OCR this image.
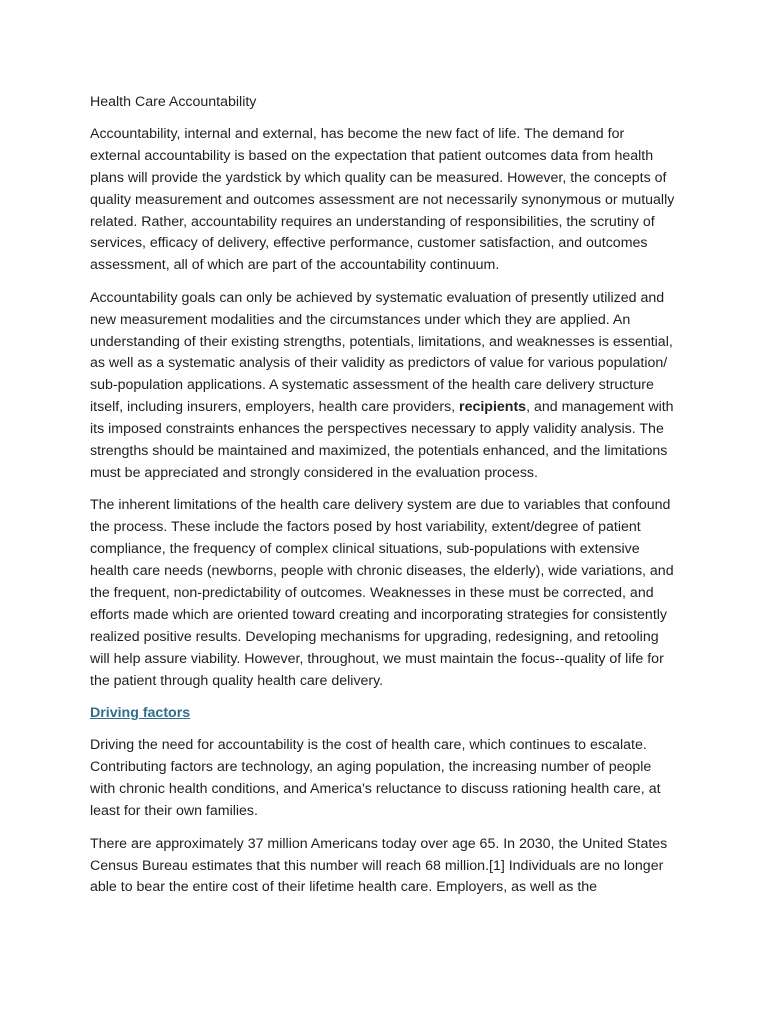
Health Care Accountability

Accountability, internal and external, has become the new fact of life. The demand for external accountability is based on the expectation that patient outcomes data from health plans will provide the yardstick by which quality can be measured. However, the concepts of quality measurement and outcomes assessment are not necessarily synonymous or mutually related. Rather, accountability requires an understanding of responsibilities, the scrutiny of services, efficacy of delivery, effective performance, customer satisfaction, and outcomes assessment, all of which are part of the accountability continuum.

Accountability goals can only be achieved by systematic evaluation of presently utilized and new measurement modalities and the circumstances under which they are applied. An understanding of their existing strengths, potentials, limitations, and weaknesses is essential, as well as a systematic analysis of their validity as predictors of value for various population/ sub-population applications. A systematic assessment of the health care delivery structure itself, including insurers, employers, health care providers, recipients, and management with its imposed constraints enhances the perspectives necessary to apply validity analysis. The strengths should be maintained and maximized, the potentials enhanced, and the limitations must be appreciated and strongly considered in the evaluation process.

The inherent limitations of the health care delivery system are due to variables that confound the process. These include the factors posed by host variability, extent/degree of patient compliance, the frequency of complex clinical situations, sub-populations with extensive health care needs (newborns, people with chronic diseases, the elderly), wide variations, and the frequent, non-predictability of outcomes. Weaknesses in these must be corrected, and efforts made which are oriented toward creating and incorporating strategies for consistently realized positive results. Developing mechanisms for upgrading, redesigning, and retooling will help assure viability. However, throughout, we must maintain the focus--quality of life for the patient through quality health care delivery.

Driving factors

Driving the need for accountability is the cost of health care, which continues to escalate. Contributing factors are technology, an aging population, the increasing number of people with chronic health conditions, and America's reluctance to discuss rationing health care, at least for their own families.

There are approximately 37 million Americans today over age 65. In 2030, the United States Census Bureau estimates that this number will reach 68 million.[1] Individuals are no longer able to bear the entire cost of their lifetime health care. Employers, as well as the
